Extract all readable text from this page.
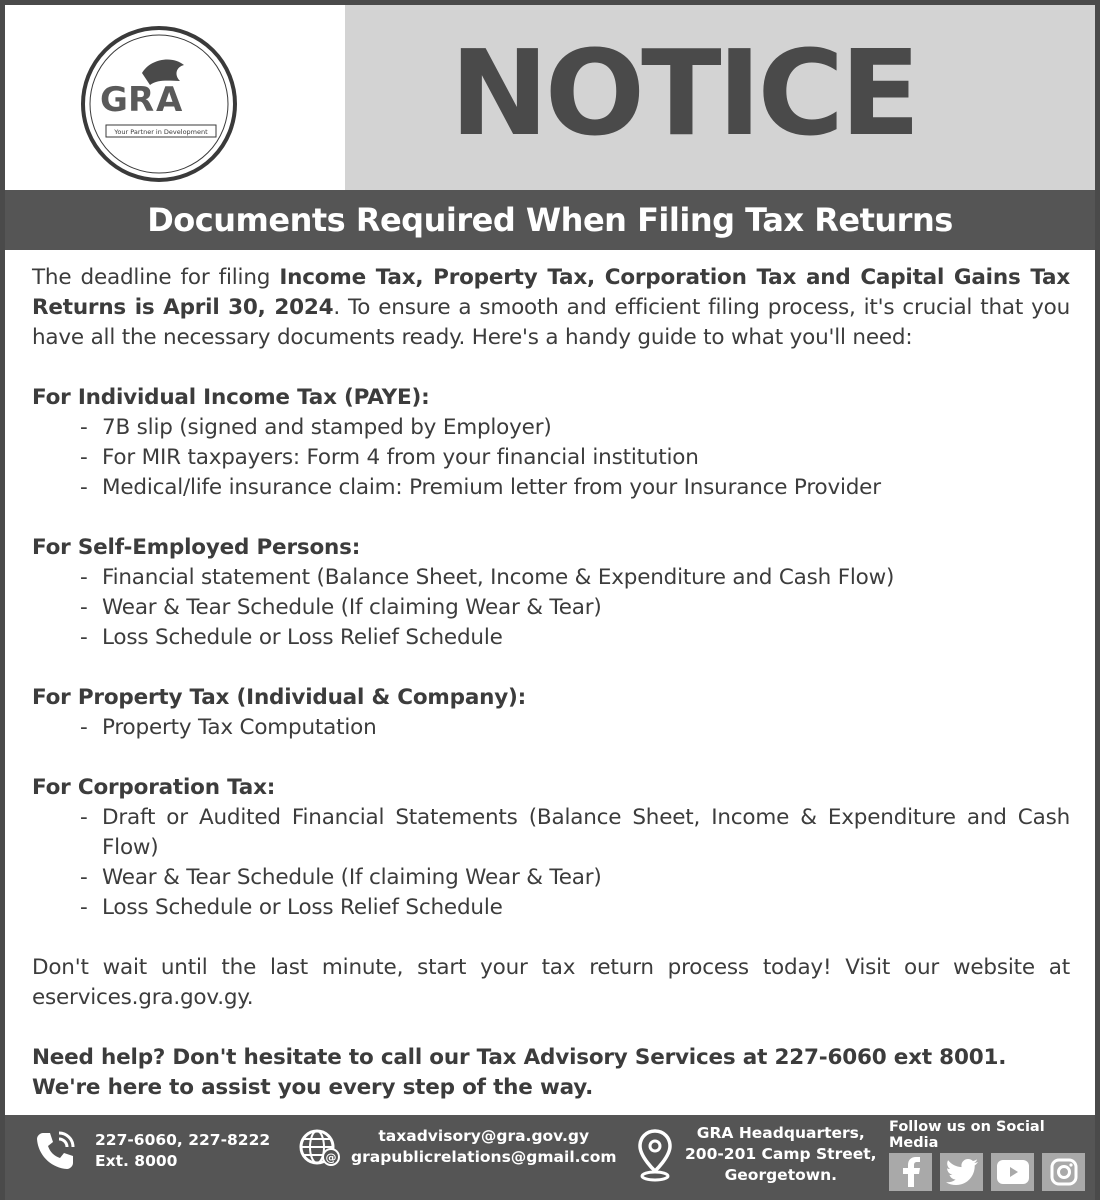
G R A
Your Partner in Development NOTICE
Documents Required When Filing Tax Returns

The deadline for filing Income Tax, Property Tax, Corporation Tax and Capital Gains Tax Returns is April 30, 2024. To ensure a smooth and efficient filing process, it's crucial that you have all the necessary documents ready. Here's a handy guide to what you'll need:

For Individual Income Tax (PAYE):

- 7B slip (signed and stamped by Employer)
- For MIR taxpayers: Form 4 from your financial institution
- Medical/life insurance claim: Premium letter from your Insurance Provider

For Self-Employed Persons:

- Financial statement (Balance Sheet, Income & Expenditure and Cash Flow)
- Wear & Tear Schedule (If claiming Wear & Tear)
- Loss Schedule or Loss Relief Schedule

For Property Tax (Individual & Company):

- Property Tax Computation

For Corporation Tax:

- Draft or Audited Financial Statements (Balance Sheet, Income & Expenditure and Cash Flow)
- Wear & Tear Schedule (If claiming Wear & Tear)
- Loss Schedule or Loss Relief Schedule

Don't wait until the last minute, start your tax return process today! Visit our website at eservices.gra.gov.gy.

Need help? Don't hesitate to call our Tax Advisory Services at 227-6060 ext 8001. We're here to assist you every step of the way.

227-6060, 227-8222
Ext. 8000	@
taxadvisory@gra.gov.gy
grapublicrelations@gmail.com
GRA Headquarters,
200-201 Camp Street,
Georgetown.
Follow us on Social Media
